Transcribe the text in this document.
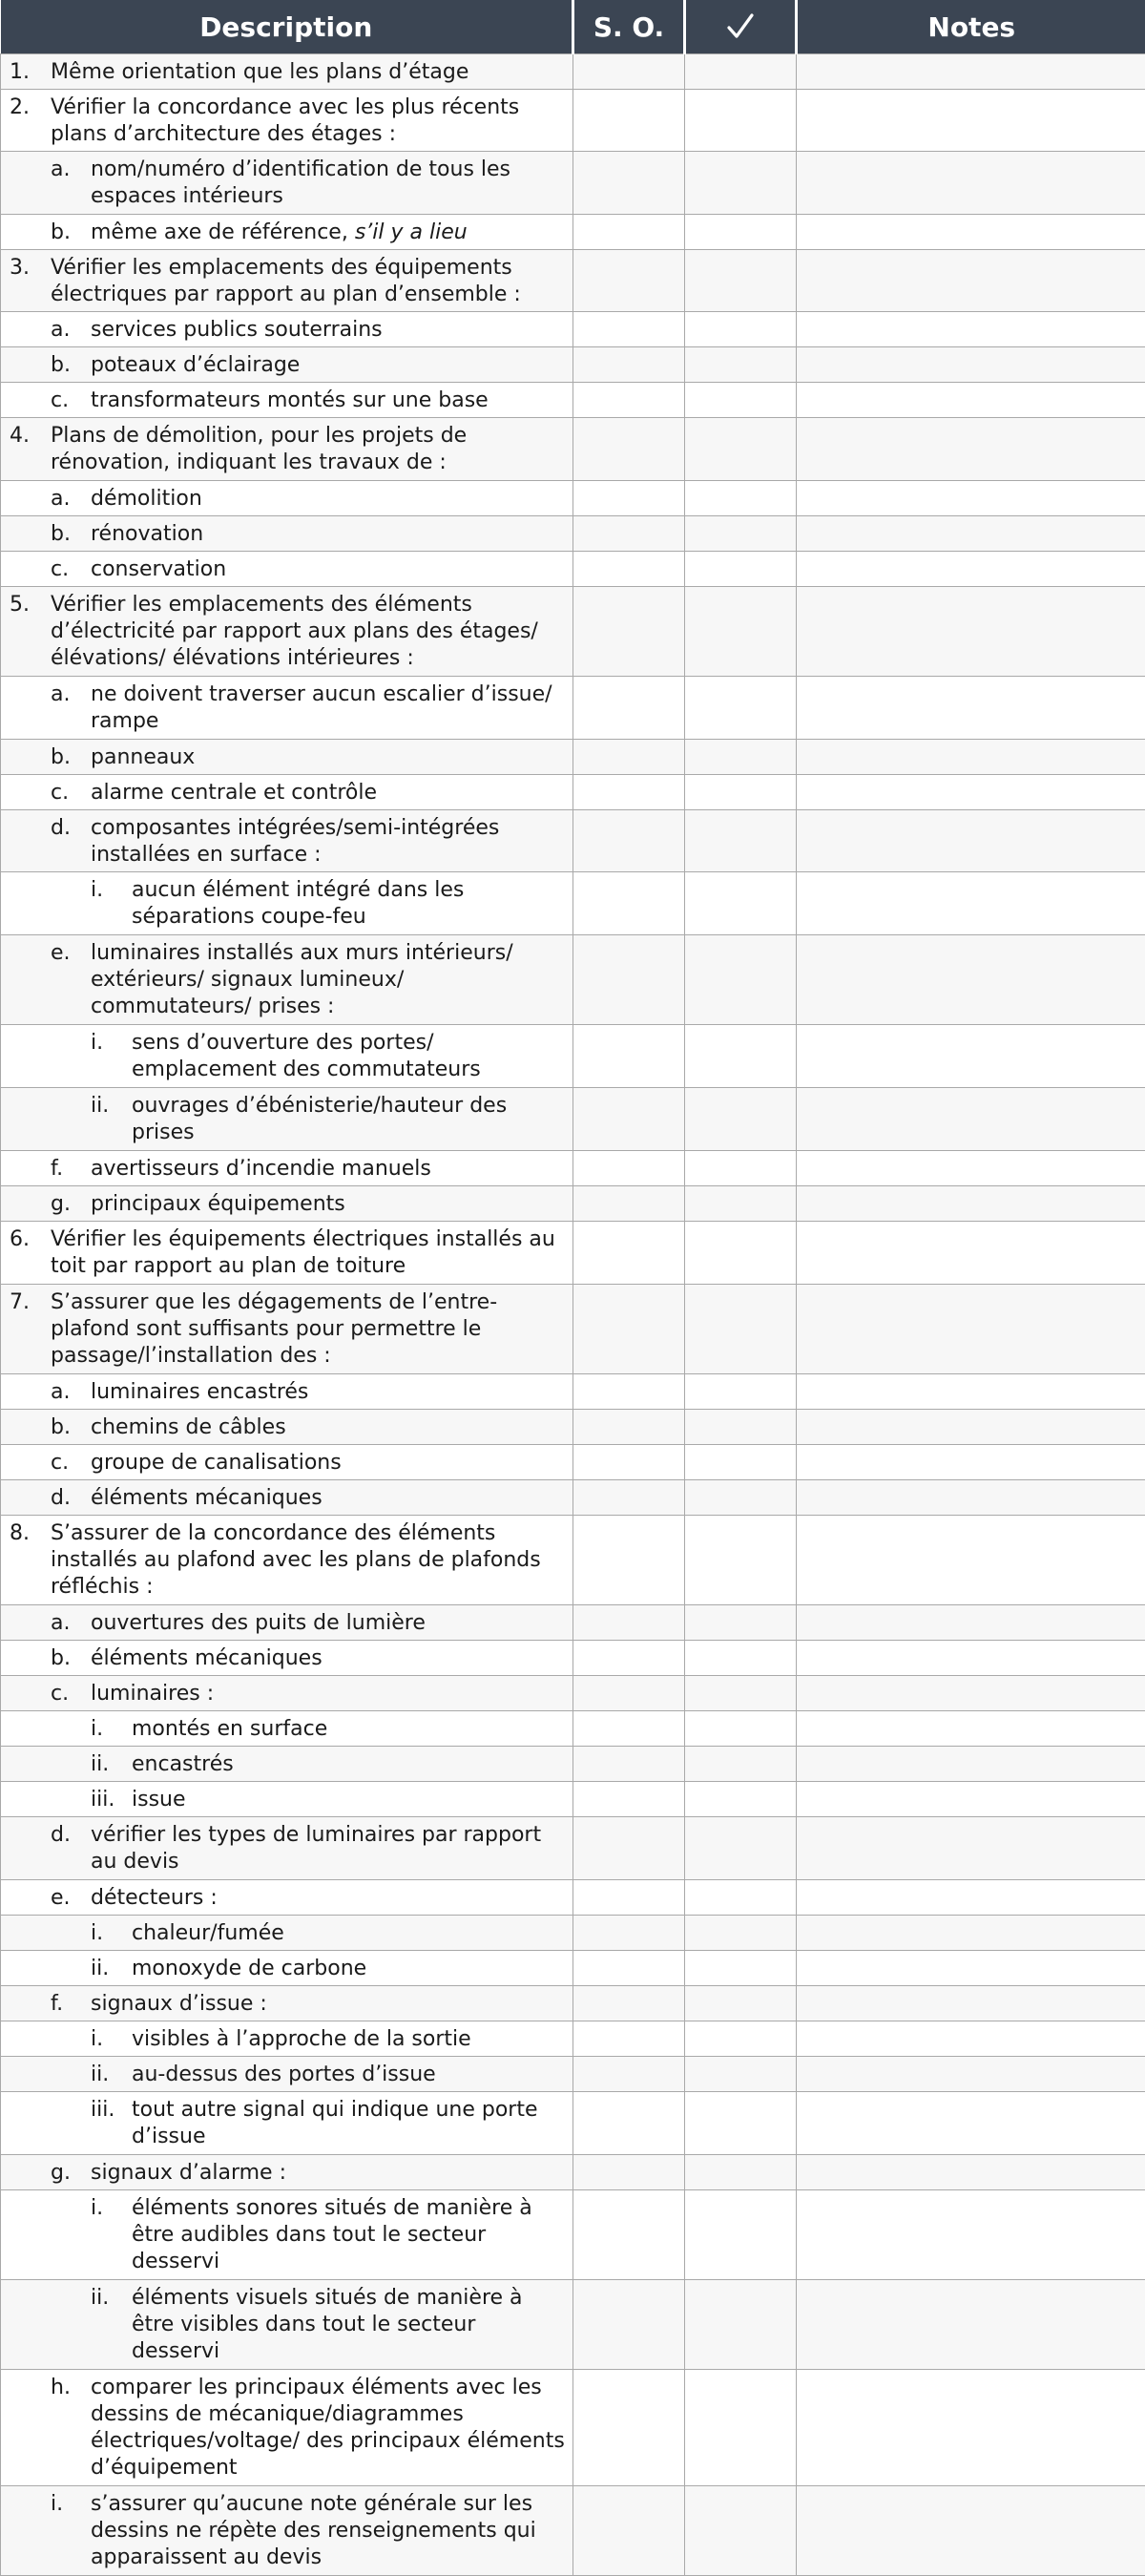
Description	S. O.		Notes

1. Même orientation que les plans d’étage			

2. Vérifier la concordance avec les plus récents plans d’architecture des étages :			

a. nom/numéro d’identification de tous les espaces intérieurs			

b. même axe de référence, s’il y a lieu			

3. Vérifier les emplacements des équipements électriques par rapport au plan d’ensemble :			

a. services publics souterrains			

b. poteaux d’éclairage			

c. transformateurs montés sur une base			

4. Plans de démolition, pour les projets de rénovation, indiquant les travaux de :			

a. démolition			

b. rénovation			

c. conservation			

5. Vérifier les emplacements des éléments d’électricité par rapport aux plans des étages/ élévations/ élévations intérieures :			

a. ne doivent traverser aucun escalier d’issue/ rampe			

b. panneaux			

c. alarme centrale et contrôle			

d. composantes intégrées/semi-intégrées installées en surface :			

i. aucun élément intégré dans les séparations coupe-feu			

e. luminaires installés aux murs intérieurs/ extérieurs/ signaux lumineux/ commutateurs/ prises :			

i. sens d’ouverture des portes/ emplacement des commutateurs			

ii. ouvrages d’ébénisterie/hauteur des prises			

f. avertisseurs d’incendie manuels			

g. principaux équipements			

6. Vérifier les équipements électriques installés au toit par rapport au plan de toiture			

7. S’assurer que les dégagements de l’entre-plafond sont suffisants pour permettre le passage/l’installation des :			

a. luminaires encastrés			

b. chemins de câbles			

c. groupe de canalisations			

d. éléments mécaniques			

8. S’assurer de la concordance des éléments installés au plafond avec les plans de plafonds réfléchis :			

a. ouvertures des puits de lumière			

b. éléments mécaniques			

c. luminaires :			

i. montés en surface			

ii. encastrés			

iii. issue			

d. vérifier les types de luminaires par rapport au devis			

e. détecteurs :			

i. chaleur/fumée			

ii. monoxyde de carbone			

f. signaux d’issue :			

i. visibles à l’approche de la sortie			

ii. au-dessus des portes d’issue			

iii. tout autre signal qui indique une porte d’issue			

g. signaux d’alarme :			

i. éléments sonores situés de manière à être audibles dans tout le secteur desservi			

ii. éléments visuels situés de manière à être visibles dans tout le secteur desservi			

h. comparer les principaux éléments avec les dessins de mécanique/diagrammes électriques/voltage/ des principaux éléments d’équipement			

i. s’assurer qu’aucune note générale sur les dessins ne répète des renseignements qui apparaissent au devis			
